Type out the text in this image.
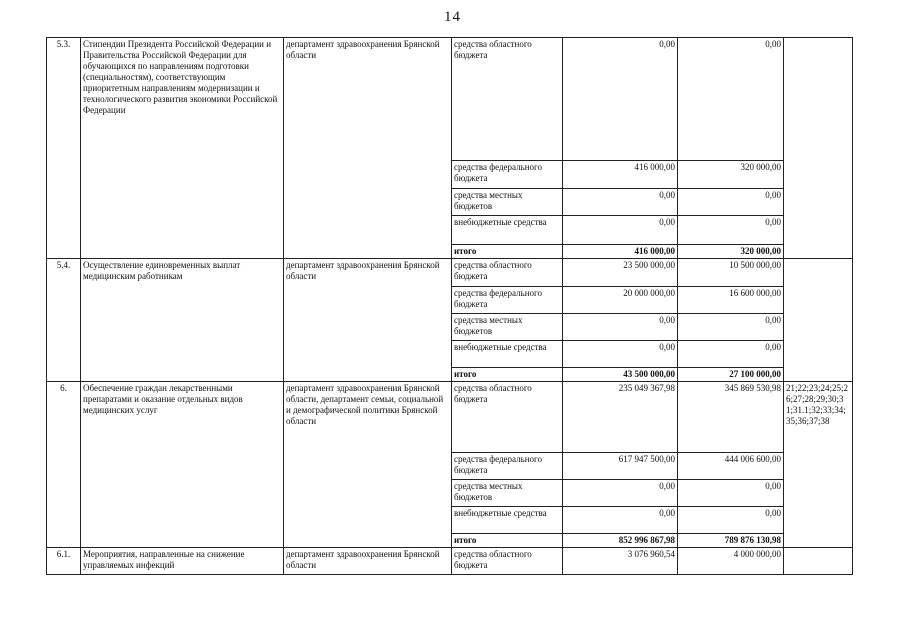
14
5.3.	Стипендии Президента Российской Федерации и Правительства Российской Федерации для обучающихся по направлениям подготовки (специальностям), соответствующим приоритетным направлениям модернизации и технологического развития экономики Российской Федерации	департамент здравоохранения Брянской области	средства областного бюджета	0,00	0,00	
			средства федерального бюджета	416 000,00	320 000,00	
			средства местных бюджетов	0,00	0,00	
			внебюджетные средства	0,00	0,00	
			итого	416 000,00	320 000,00	
5.4.	Осуществление единовременных выплат медицинским работникам	департамент здравоохранения Брянской области	средства областного бюджета	23 500 000,00	10 500 000,00	
			средства федерального бюджета	20 000 000,00	16 600 000,00	
			средства местных бюджетов	0,00	0,00	
			внебюджетные средства	0,00	0,00	
			итого	43 500 000,00	27 100 000,00	
6.	Обеспечение граждан лекарственными препаратами и оказание отдельных видов медицинских услуг	департамент здравоохранения Брянской области, департамент семьи, социальной и демографической политики Брянской области	средства областного бюджета	235 049 367,98	345 869 530,98	21;22;23;24;25;26;27;28;29;30;31;31.1;32;33;34;35;36;37;38
			средства федерального бюджета	617 947 500,00	444 006 600,00	
			средства местных бюджетов	0,00	0,00	
			внебюджетные средства	0,00	0,00	
			итого	852 996 867,98	789 876 130,98	
6.1.	Мероприятия, направленные на снижение управляемых инфекций	департамент здравоохранения Брянской области	средства областного бюджета	3 076 960,54	4 000 000,00	
